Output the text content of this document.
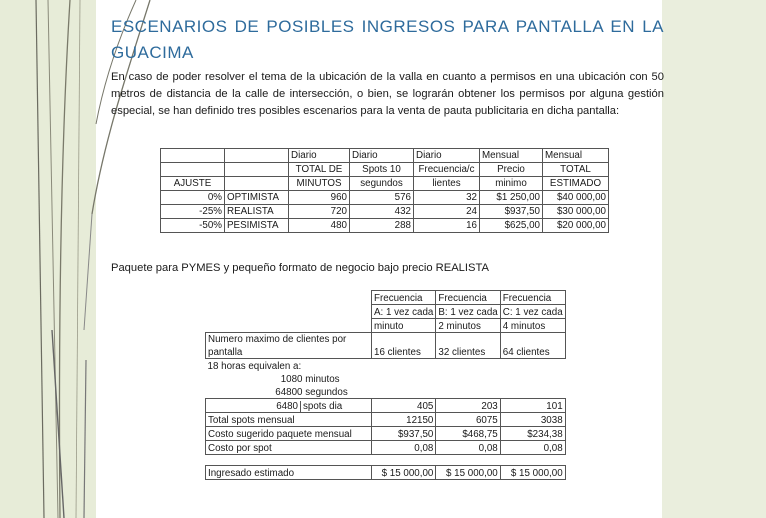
ESCENARIOS DE POSIBLES INGRESOS PARA PANTALLA EN LA GUACIMA
En caso de poder resolver el tema de la ubicación de la valla en cuanto a permisos en una ubicación con 50 metros de distancia de la calle de intersección, o bien, se lograrán obtener los permisos por alguna gestión especial, se han definido tres posibles escenarios para la venta de pauta publicitaria en dicha pantalla:
		Diario	Diario	Diario	Mensual	Mensual
		TOTAL DE	Spots 10	Frecuencia/c	Precio	TOTAL
AJUSTE		MINUTOS	segundos	lientes	minimo	ESTIMADO
0%	OPTIMISTA	960	576	32	$1 250,00	$40 000,00
-25%	REALISTA	720	432	24	$937,50	$30 000,00
-50%	PESIMISTA	480	288	16	$625,00	$20 000,00
Paquete para PYMES y pequeño formato de negocio bajo precio REALISTA
	Frecuencia	Frecuencia	Frecuencia
	A: 1 vez cada	B: 1 vez cada	C: 1 vez cada
	minuto	2 minutos	4 minutos
Numero maximo de clientes por			
pantalla	16 clientes	32 clientes	64 clientes
18 horas equivalen a:			
1080 minutos			
64800 segundos			
6480 spots dia	405	203	101
Total spots mensual	12150	6075	3038
Costo sugerido paquete mensual	$937,50	$468,75	$234,38
Costo por spot	0,08	0,08	0,08

Ingresado estimado	$ 15 000,00	$ 15 000,00	$ 15 000,00
